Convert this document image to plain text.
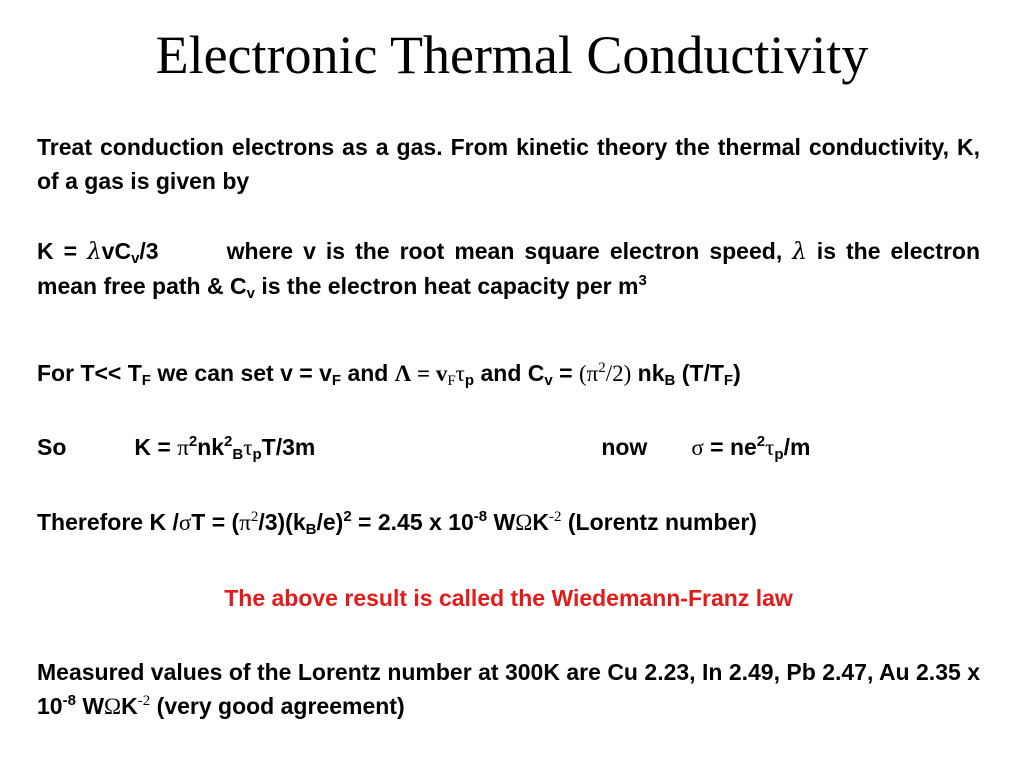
Electronic Thermal Conductivity

Treat conduction electrons as a gas. From kinetic theory the thermal conductivity, K, of a gas is given by

K = λvC$_v$/3	where v is the root mean square electron speed, λ is the electron mean free path & $C_v$ is the electron heat capacity per $m^3$

For $T<< T_F$ we can set $v = v_F$ and $\Lambda = v_F\tau_p$ and $C_v = (\pi^2/2)$ $nk_B$ $(T/T_F)$

So	$K = \pi^2nk^2_B\tau_pT/3m$	now $\sigma = ne^2\tau_p/m$

Therefore K $/\sigma T = (\pi^2/3)(k_B/e)^2 = 2.45$ x $10^{-8}$ $W\Omega K^{-2}$ (Lorentz number)

The above result is called the Wiedemann-Franz law

Measured values of the Lorentz number at 300K are Cu 2.23, In 2.49, Pb 2.47, Au 2.35 x $10^{-8}$ $W\Omega K^{-2}$ (very good agreement)
